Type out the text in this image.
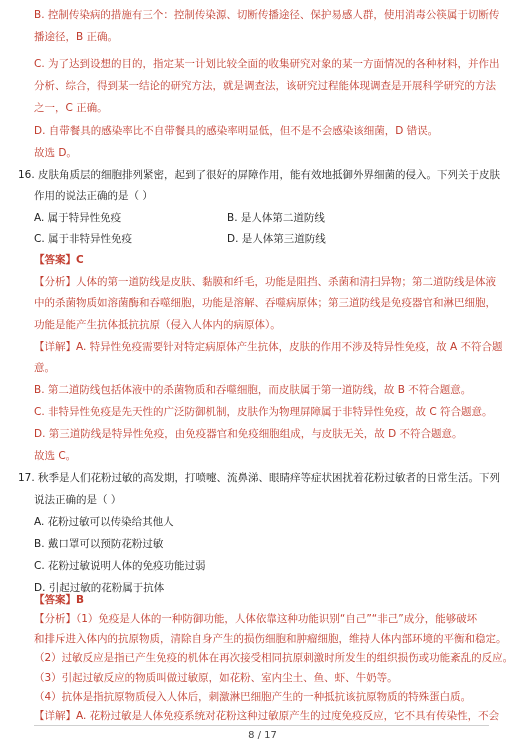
B. 控制传染病的措施有三个：控制传染源、切断传播途径、保护易感人群，使用消毒公筷属于切断传
播途径，B 正确。
C. 为了达到设想的目的，指定某一计划比较全面的收集研究对象的某一方面情况的各种材料，并作出
分析、综合，得到某一结论的研究方法，就是调查法，该研究过程能体现调查是开展科学研究的方法
之一，C 正确。
D. 自带餐具的感染率比不自带餐具的感染率明显低，但不是不会感染该细菌，D 错误。
故选 D。
16. 皮肤角质层的细胞排列紧密，起到了很好的屏障作用，能有效地抵御外界细菌的侵入。下列关于皮肤
作用的说法正确的是（ ）
A. 属于特异性免疫	B. 是人体第二道防线
C. 属于非特异性免疫	D. 是人体第三道防线
【答案】C
【分析】人体的第一道防线是皮肤、黏膜和纤毛，功能是阻挡、杀菌和清扫异物；第二道防线是体液
中的杀菌物质如溶菌酶和吞噬细胞，功能是溶解、吞噬病原体；第三道防线是免疫器官和淋巴细胞，
功能是能产生抗体抵抗抗原（侵入人体内的病原体）。
【详解】A. 特异性免疫需要针对特定病原体产生抗体，皮肤的作用不涉及特异性免疫，故 A 不符合题
意。
B. 第二道防线包括体液中的杀菌物质和吞噬细胞，而皮肤属于第一道防线，故 B 不符合题意。
C. 非特异性免疫是先天性的广泛防御机制，皮肤作为物理屏障属于非特异性免疫，故 C 符合题意。
D. 第三道防线是特异性免疫，由免疫器官和免疫细胞组成，与皮肤无关，故 D 不符合题意。
故选 C。
17. 秋季是人们花粉过敏的高发期，打喷嚏、流鼻涕、眼睛痒等症状困扰着花粉过敏者的日常生活。下列
说法正确的是（ ）
A. 花粉过敏可以传染给其他人
B. 戴口罩可以预防花粉过敏
C. 花粉过敏说明人体的免疫功能过弱
D. 引起过敏的花粉属于抗体
【答案】B
【分析】（1）免疫是人体的一种防御功能，人体依靠这种功能识别“自己”“非己”成分，能够破坏
和排斥进入体内的抗原物质，清除自身产生的损伤细胞和肿瘤细胞，维持人体内部环境的平衡和稳定。
（2）过敏反应是指已产生免疫的机体在再次接受相同抗原刺激时所发生的组织损伤或功能紊乱的反应。
（3）引起过敏反应的物质叫做过敏原，如花粉、室内尘土、鱼、虾、牛奶等。
（4）抗体是指抗原物质侵入人体后，刺激淋巴细胞产生的一种抵抗该抗原物质的特殊蛋白质。
【详解】A. 花粉过敏是人体免疫系统对花粉这种过敏原产生的过度免疫反应，它不具有传染性，不会
8 / 17
